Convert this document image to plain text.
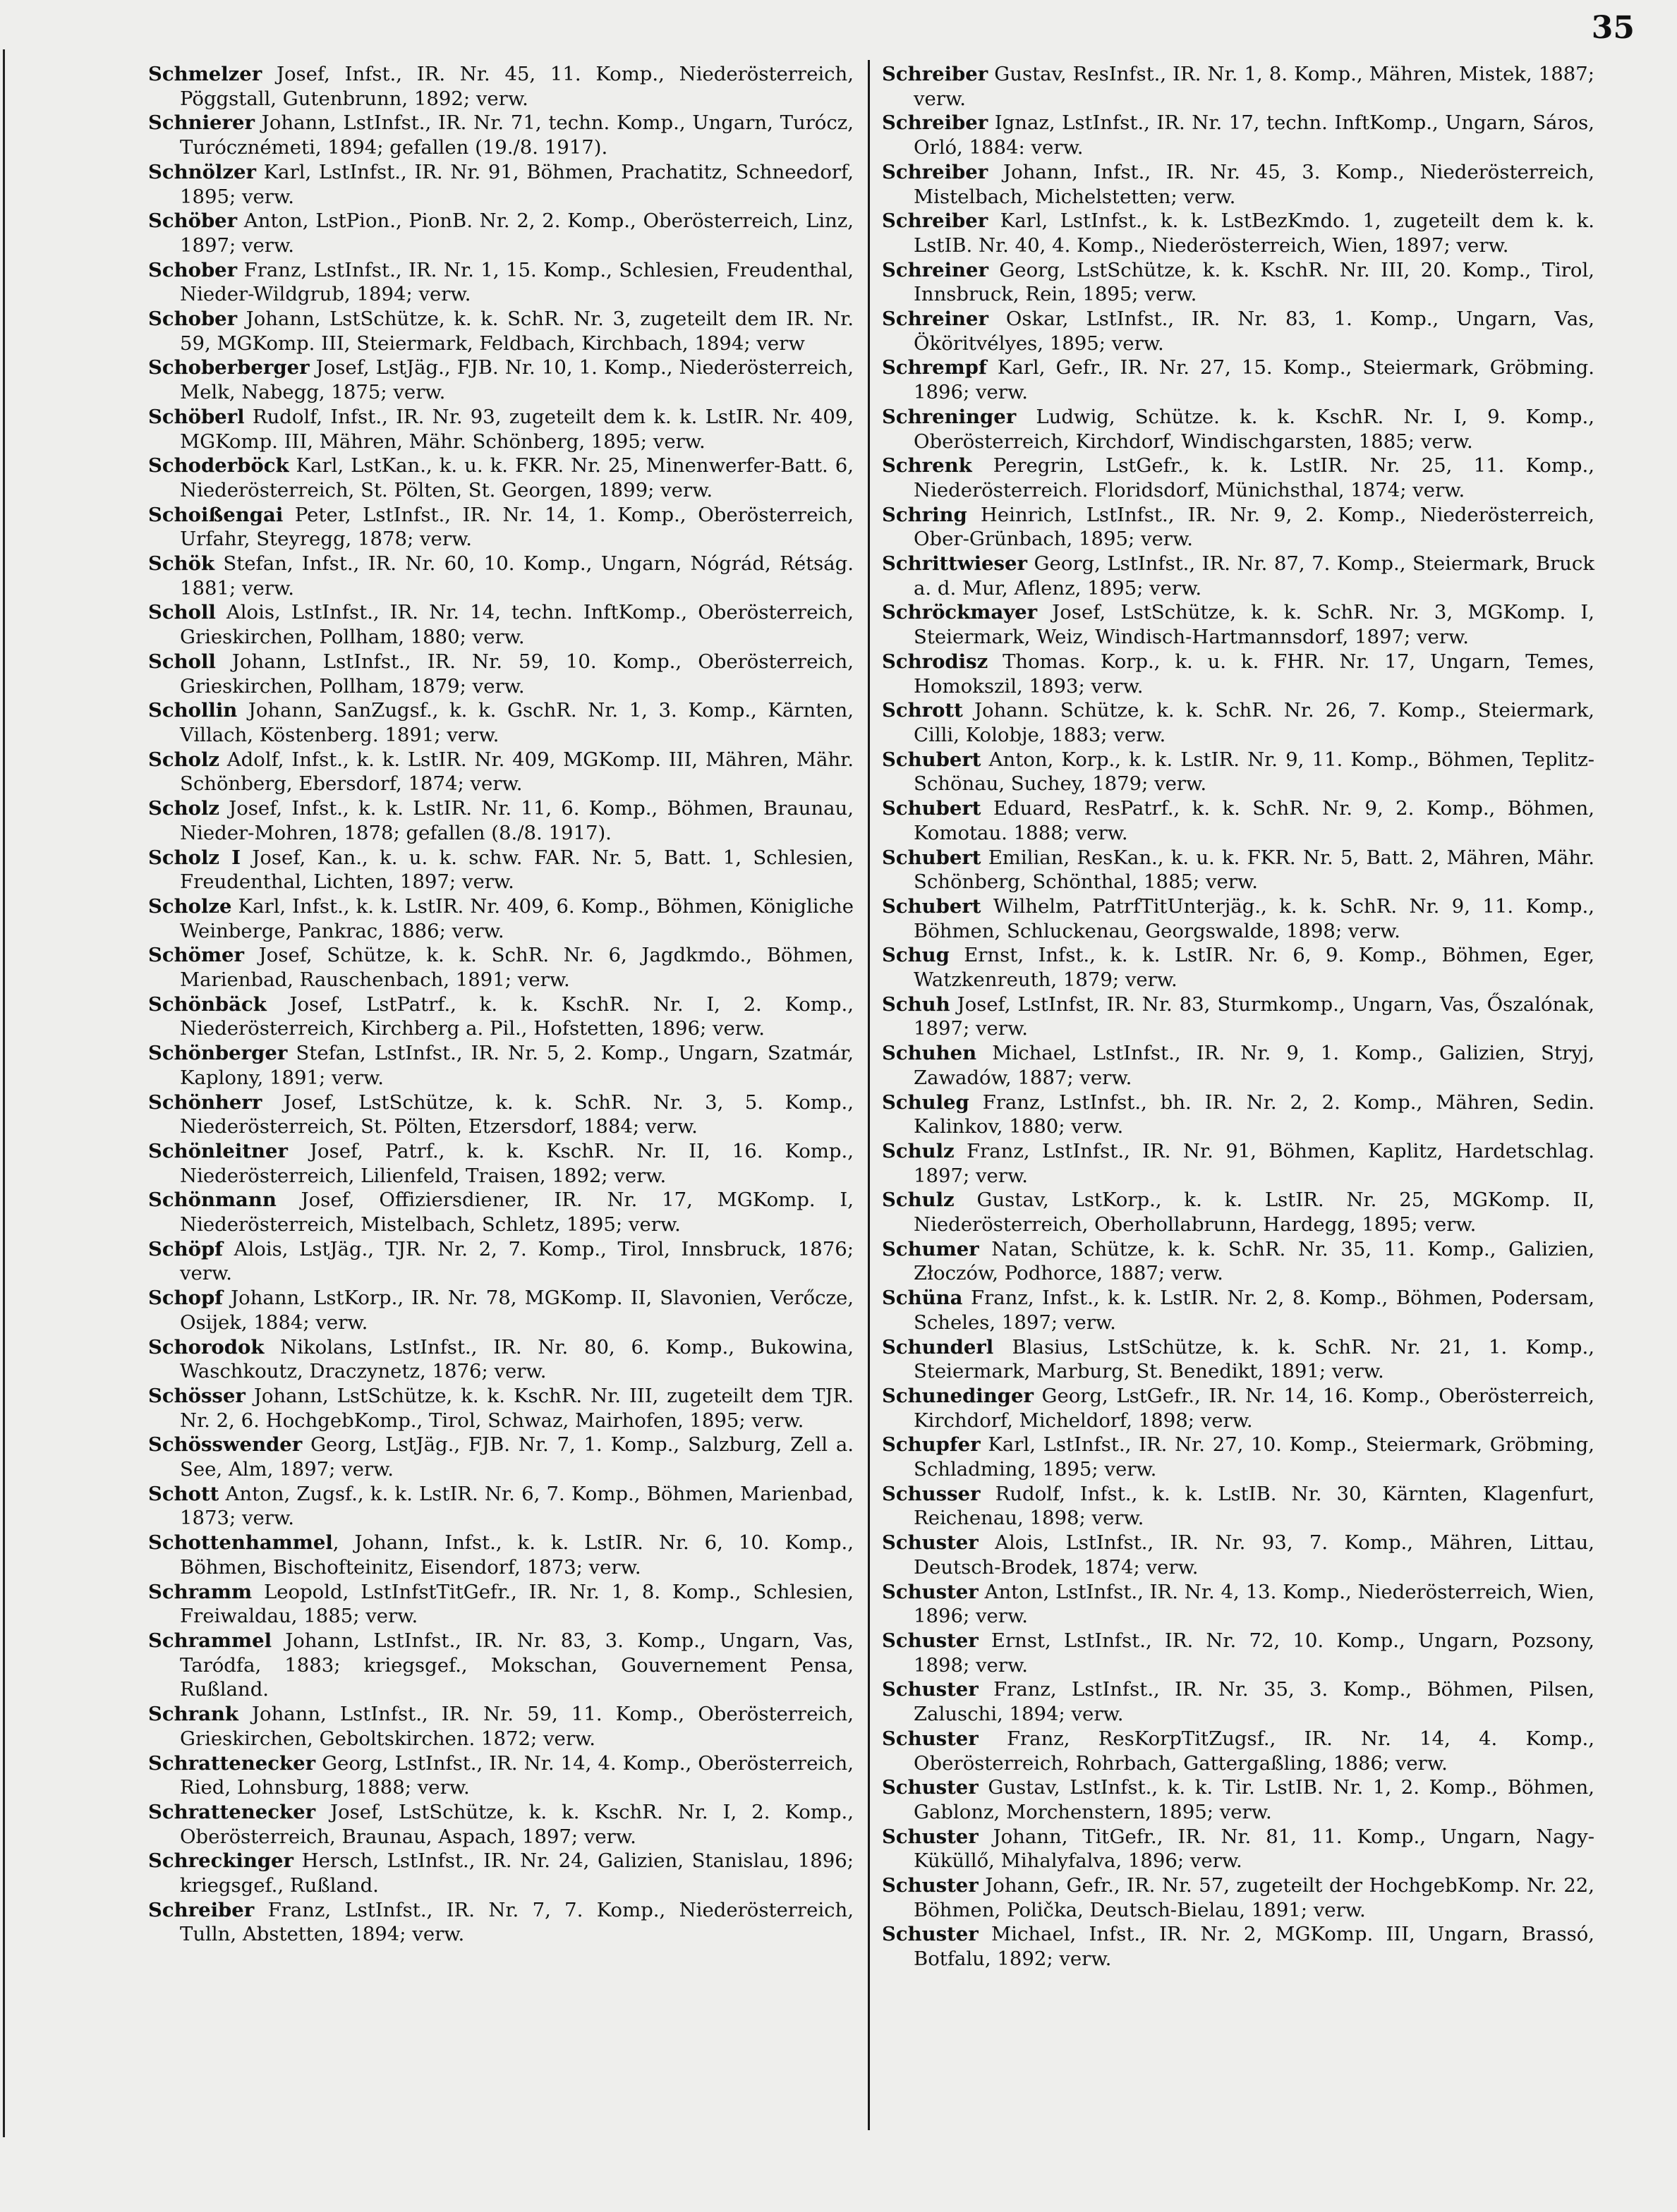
35
Schmelzer Josef, Infst., IR. Nr. 45, 11. Komp., Niederösterreich, Pöggstall, Gutenbrunn, 1892; verw.
Schnierer Johann, LstInfst., IR. Nr. 71, techn. Komp., Ungarn, Turócz, Turócznémeti, 1894; gefallen (19./8. 1917).
Schnölzer Karl, LstInfst., IR. Nr. 91, Böhmen, Prachatitz, Schneedorf, 1895; verw.
Schöber Anton, LstPion., PionB. Nr. 2, 2. Komp., Oberösterreich, Linz, 1897; verw.
Schober Franz, LstInfst., IR. Nr. 1, 15. Komp., Schlesien, Freudenthal, Nieder-Wildgrub, 1894; verw.
Schober Johann, LstSchütze, k. k. SchR. Nr. 3, zugeteilt dem IR. Nr. 59, MGKomp. III, Steiermark, Feldbach, Kirchbach, 1894; verw
Schoberberger Josef, LstJäg., FJB. Nr. 10, 1. Komp., Niederösterreich, Melk, Nabegg, 1875; verw.
Schöberl Rudolf, Infst., IR. Nr. 93, zugeteilt dem k. k. LstIR. Nr. 409, MGKomp. III, Mähren, Mähr. Schönberg, 1895; verw.
Schoderböck Karl, LstKan., k. u. k. FKR. Nr. 25, Minenwerfer-Batt. 6, Niederösterreich, St. Pölten, St. Georgen, 1899; verw.
Schoißengai Peter, LstInfst., IR. Nr. 14, 1. Komp., Oberösterreich, Urfahr, Steyregg, 1878; verw.
Schök Stefan, Infst., IR. Nr. 60, 10. Komp., Ungarn, Nógrád, Rétság. 1881; verw.
Scholl Alois, LstInfst., IR. Nr. 14, techn. InftKomp., Oberösterreich, Grieskirchen, Pollham, 1880; verw.
Scholl Johann, LstInfst., IR. Nr. 59, 10. Komp., Oberösterreich, Grieskirchen, Pollham, 1879; verw.
Schollin Johann, SanZugsf., k. k. GschR. Nr. 1, 3. Komp., Kärnten, Villach, Köstenberg. 1891; verw.
Scholz Adolf, Infst., k. k. LstIR. Nr. 409, MGKomp. III, Mähren, Mähr. Schönberg, Ebersdorf, 1874; verw.
Scholz Josef, Infst., k. k. LstIR. Nr. 11, 6. Komp., Böhmen, Braunau, Nieder-Mohren, 1878; gefallen (8./8. 1917).
Scholz I Josef, Kan., k. u. k. schw. FAR. Nr. 5, Batt. 1, Schlesien, Freudenthal, Lichten, 1897; verw.
Scholze Karl, Infst., k. k. LstIR. Nr. 409, 6. Komp., Böhmen, Königliche Weinberge, Pankrac, 1886; verw.
Schömer Josef, Schütze, k. k. SchR. Nr. 6, Jagdkmdo., Böhmen, Marienbad, Rauschenbach, 1891; verw.
Schönbäck Josef, LstPatrf., k. k. KschR. Nr. I, 2. Komp., Niederösterreich, Kirchberg a. Pil., Hofstetten, 1896; verw.
Schönberger Stefan, LstInfst., IR. Nr. 5, 2. Komp., Ungarn, Szatmár, Kaplony, 1891; verw.
Schönherr Josef, LstSchütze, k. k. SchR. Nr. 3, 5. Komp., Niederösterreich, St. Pölten, Etzersdorf, 1884; verw.
Schönleitner Josef, Patrf., k. k. KschR. Nr. II, 16. Komp., Niederösterreich, Lilienfeld, Traisen, 1892; verw.
Schönmann Josef, Offiziersdiener, IR. Nr. 17, MGKomp. I, Niederösterreich, Mistelbach, Schletz, 1895; verw.
Schöpf Alois, LstJäg., TJR. Nr. 2, 7. Komp., Tirol, Innsbruck, 1876; verw.
Schopf Johann, LstKorp., IR. Nr. 78, MGKomp. II, Slavonien, Verőcze, Osijek, 1884; verw.
Schorodok Nikolans, LstInfst., IR. Nr. 80, 6. Komp., Bukowina, Waschkoutz, Draczynetz, 1876; verw.
Schösser Johann, LstSchütze, k. k. KschR. Nr. III, zugeteilt dem TJR. Nr. 2, 6. HochgebKomp., Tirol, Schwaz, Mairhofen, 1895; verw.
Schösswender Georg, LstJäg., FJB. Nr. 7, 1. Komp., Salzburg, Zell a. See, Alm, 1897; verw.
Schott Anton, Zugsf., k. k. LstIR. Nr. 6, 7. Komp., Böhmen, Marienbad, 1873; verw.
Schottenhammel, Johann, Infst., k. k. LstIR. Nr. 6, 10. Komp., Böhmen, Bischofteinitz, Eisendorf, 1873; verw.
Schramm Leopold, LstInfstTitGefr., IR. Nr. 1, 8. Komp., Schlesien, Freiwaldau, 1885; verw.
Schrammel Johann, LstInfst., IR. Nr. 83, 3. Komp., Ungarn, Vas, Taródfa, 1883; kriegsgef., Mokschan, Gouvernement Pensa, Rußland.
Schrank Johann, LstInfst., IR. Nr. 59, 11. Komp., Oberösterreich, Grieskirchen, Geboltskirchen. 1872; verw.
Schrattenecker Georg, LstInfst., IR. Nr. 14, 4. Komp., Oberösterreich, Ried, Lohnsburg, 1888; verw.
Schrattenecker Josef, LstSchütze, k. k. KschR. Nr. I, 2. Komp., Oberösterreich, Braunau, Aspach, 1897; verw.
Schreckinger Hersch, LstInfst., IR. Nr. 24, Galizien, Stanislau, 1896; kriegsgef., Rußland.
Schreiber Franz, LstInfst., IR. Nr. 7, 7. Komp., Niederösterreich, Tulln, Abstetten, 1894; verw.
Schreiber Gustav, ResInfst., IR. Nr. 1, 8. Komp., Mähren, Mistek, 1887; verw.
Schreiber Ignaz, LstInfst., IR. Nr. 17, techn. InftKomp., Ungarn, Sáros, Orló, 1884: verw.
Schreiber Johann, Infst., IR. Nr. 45, 3. Komp., Niederösterreich, Mistelbach, Michelstetten; verw.
Schreiber Karl, LstInfst., k. k. LstBezKmdo. 1, zugeteilt dem k. k. LstIB. Nr. 40, 4. Komp., Niederösterreich, Wien, 1897; verw.
Schreiner Georg, LstSchütze, k. k. KschR. Nr. III, 20. Komp., Tirol, Innsbruck, Rein, 1895; verw.
Schreiner Oskar, LstInfst., IR. Nr. 83, 1. Komp., Ungarn, Vas, Ököritvélyes, 1895; verw.
Schrempf Karl, Gefr., IR. Nr. 27, 15. Komp., Steiermark, Gröbming. 1896; verw.
Schreninger Ludwig, Schütze. k. k. KschR. Nr. I, 9. Komp., Oberösterreich, Kirchdorf, Windischgarsten, 1885; verw.
Schrenk Peregrin, LstGefr., k. k. LstIR. Nr. 25, 11. Komp., Niederösterreich. Floridsdorf, Münichsthal, 1874; verw.
Schring Heinrich, LstInfst., IR. Nr. 9, 2. Komp., Niederösterreich, Ober-Grünbach, 1895; verw.
Schrittwieser Georg, LstInfst., IR. Nr. 87, 7. Komp., Steiermark, Bruck a. d. Mur, Aflenz, 1895; verw.
Schröckmayer Josef, LstSchütze, k. k. SchR. Nr. 3, MGKomp. I, Steiermark, Weiz, Windisch-Hartmannsdorf, 1897; verw.
Schrodisz Thomas. Korp., k. u. k. FHR. Nr. 17, Ungarn, Temes, Homokszil, 1893; verw.
Schrott Johann. Schütze, k. k. SchR. Nr. 26, 7. Komp., Steiermark, Cilli, Kolobje, 1883; verw.
Schubert Anton, Korp., k. k. LstIR. Nr. 9, 11. Komp., Böhmen, Teplitz-Schönau, Suchey, 1879; verw.
Schubert Eduard, ResPatrf., k. k. SchR. Nr. 9, 2. Komp., Böhmen, Komotau. 1888; verw.
Schubert Emilian, ResKan., k. u. k. FKR. Nr. 5, Batt. 2, Mähren, Mähr. Schönberg, Schönthal, 1885; verw.
Schubert Wilhelm, PatrfTitUnterjäg., k. k. SchR. Nr. 9, 11. Komp., Böhmen, Schluckenau, Georgswalde, 1898; verw.
Schug Ernst, Infst., k. k. LstIR. Nr. 6, 9. Komp., Böhmen, Eger, Watzkenreuth, 1879; verw.
Schuh Josef, LstInfst, IR. Nr. 83, Sturmkomp., Ungarn, Vas, Őszalónak, 1897; verw.
Schuhen Michael, LstInfst., IR. Nr. 9, 1. Komp., Galizien, Stryj, Zawadów, 1887; verw.
Schuleg Franz, LstInfst., bh. IR. Nr. 2, 2. Komp., Mähren, Sedin. Kalinkov, 1880; verw.
Schulz Franz, LstInfst., IR. Nr. 91, Böhmen, Kaplitz, Hardetschlag. 1897; verw.
Schulz Gustav, LstKorp., k. k. LstIR. Nr. 25, MGKomp. II, Niederösterreich, Oberhollabrunn, Hardegg, 1895; verw.
Schumer Natan, Schütze, k. k. SchR. Nr. 35, 11. Komp., Galizien, Złoczów, Podhorce, 1887; verw.
Schüna Franz, Infst., k. k. LstIR. Nr. 2, 8. Komp., Böhmen, Podersam, Scheles, 1897; verw.
Schunderl Blasius, LstSchütze, k. k. SchR. Nr. 21, 1. Komp., Steiermark, Marburg, St. Benedikt, 1891; verw.
Schunedinger Georg, LstGefr., IR. Nr. 14, 16. Komp., Oberösterreich, Kirchdorf, Micheldorf, 1898; verw.
Schupfer Karl, LstInfst., IR. Nr. 27, 10. Komp., Steiermark, Gröbming, Schladming, 1895; verw.
Schusser Rudolf, Infst., k. k. LstIB. Nr. 30, Kärnten, Klagenfurt, Reichenau, 1898; verw.
Schuster Alois, LstInfst., IR. Nr. 93, 7. Komp., Mähren, Littau, Deutsch-Brodek, 1874; verw.
Schuster Anton, LstInfst., IR. Nr. 4, 13. Komp., Niederösterreich, Wien, 1896; verw.
Schuster Ernst, LstInfst., IR. Nr. 72, 10. Komp., Ungarn, Pozsony, 1898; verw.
Schuster Franz, LstInfst., IR. Nr. 35, 3. Komp., Böhmen, Pilsen, Zaluschi, 1894; verw.
Schuster Franz, ResKorpTitZugsf., IR. Nr. 14, 4. Komp., Oberösterreich, Rohrbach, Gattergaßling, 1886; verw.
Schuster Gustav, LstInfst., k. k. Tir. LstIB. Nr. 1, 2. Komp., Böhmen, Gablonz, Morchenstern, 1895; verw.
Schuster Johann, TitGefr., IR. Nr. 81, 11. Komp., Ungarn, Nagy-Küküllő, Mihalyfalva, 1896; verw.
Schuster Johann, Gefr., IR. Nr. 57, zugeteilt der HochgebKomp. Nr. 22, Böhmen, Polička, Deutsch-Bielau, 1891; verw.
Schuster Michael, Infst., IR. Nr. 2, MGKomp. III, Ungarn, Brassó, Botfalu, 1892; verw.
